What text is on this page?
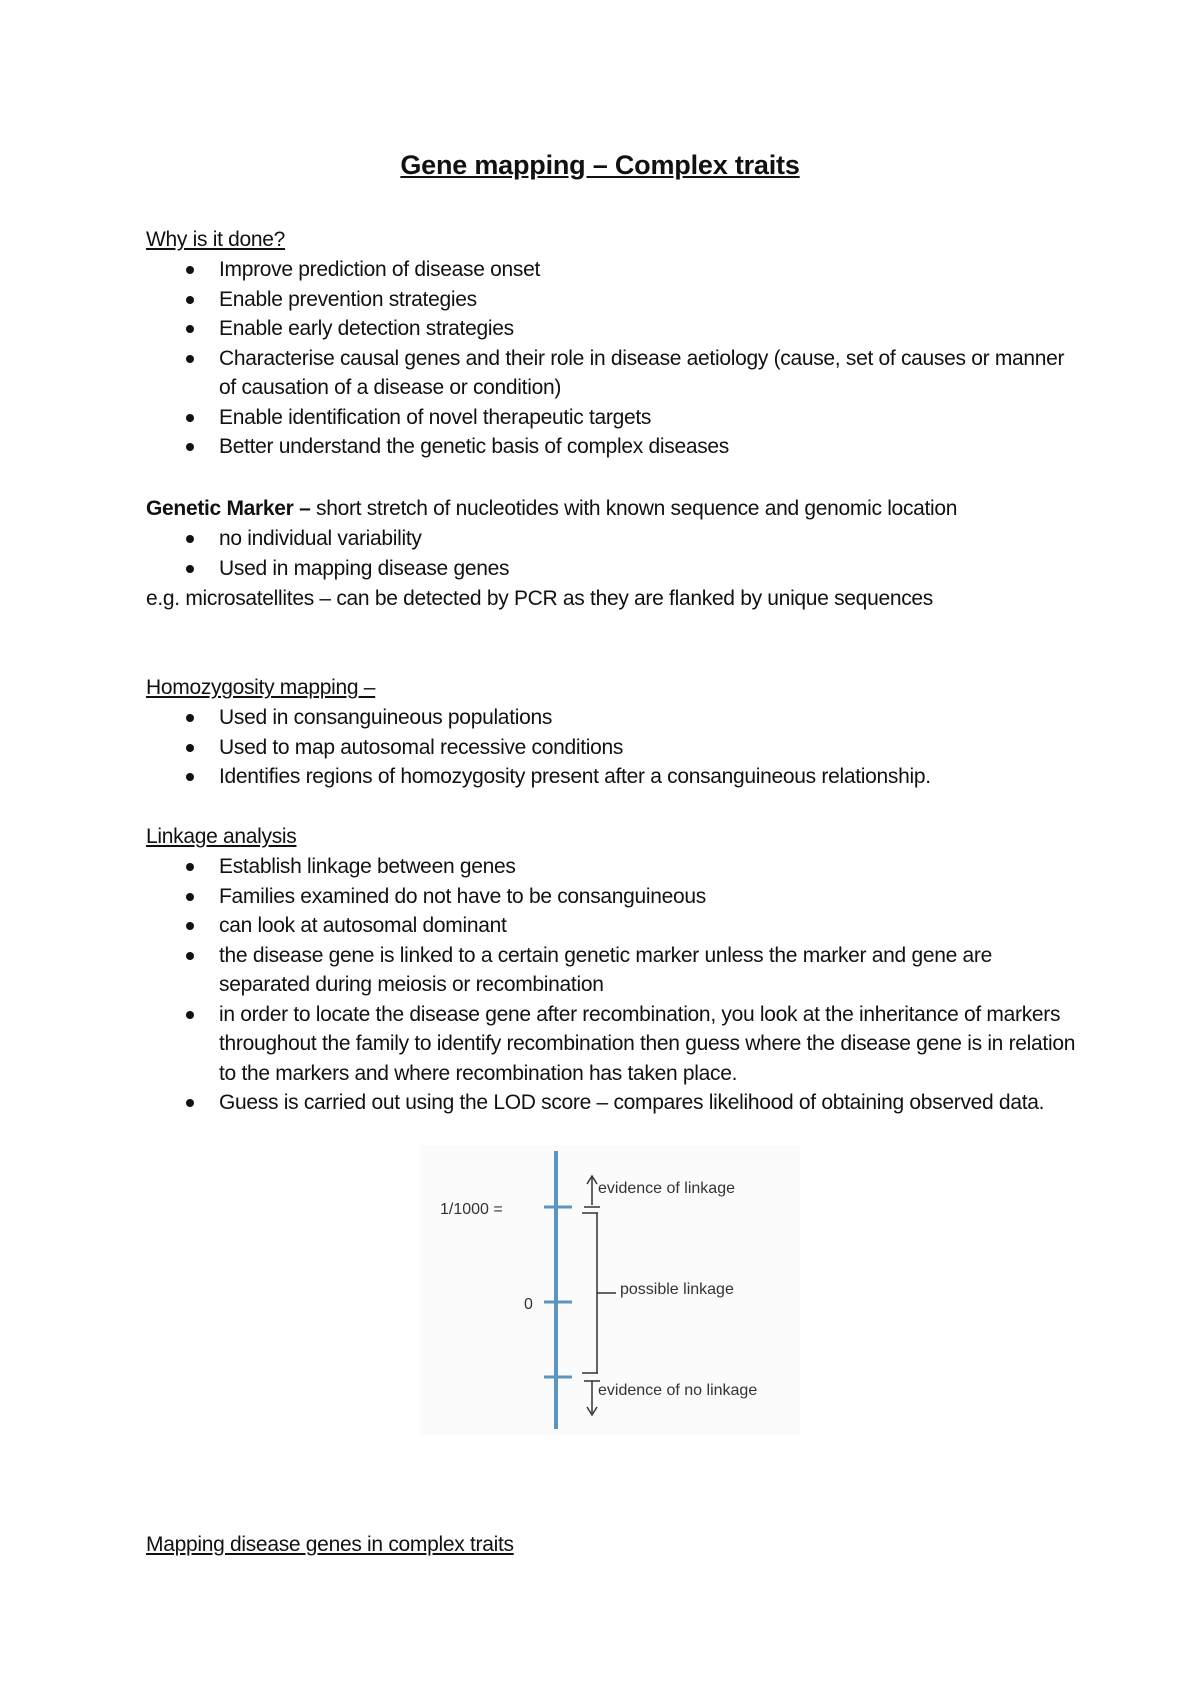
Gene mapping – Complex traits
Why is it done?
Improve prediction of disease onset
Enable prevention strategies
Enable early detection strategies
Characterise causal genes and their role in disease aetiology (cause, set of causes or manner of causation of a disease or condition)
Enable identification of novel therapeutic targets
Better understand the genetic basis of complex diseases
Genetic Marker – short stretch of nucleotides with known sequence and genomic location
no individual variability
Used in mapping disease genes
e.g. microsatellites – can be detected by PCR as they are flanked by unique sequences
Homozygosity mapping –
Used in consanguineous populations
Used to map autosomal recessive conditions
Identifies regions of homozygosity present after a consanguineous relationship.
Linkage analysis
Establish linkage between genes
Families examined do not have to be consanguineous
can look at autosomal dominant
the disease gene is linked to a certain genetic marker unless the marker and gene are separated during meiosis or recombination
in order to locate the disease gene after recombination, you look at the inheritance of markers throughout the family to identify recombination then guess where the disease gene is in relation to the markers and where recombination has taken place.
Guess is carried out using the LOD score – compares likelihood of obtaining observed data.
1/1000 =
0
evidence of linkage
possible linkage
evidence of no linkage
Mapping disease genes in complex traits
